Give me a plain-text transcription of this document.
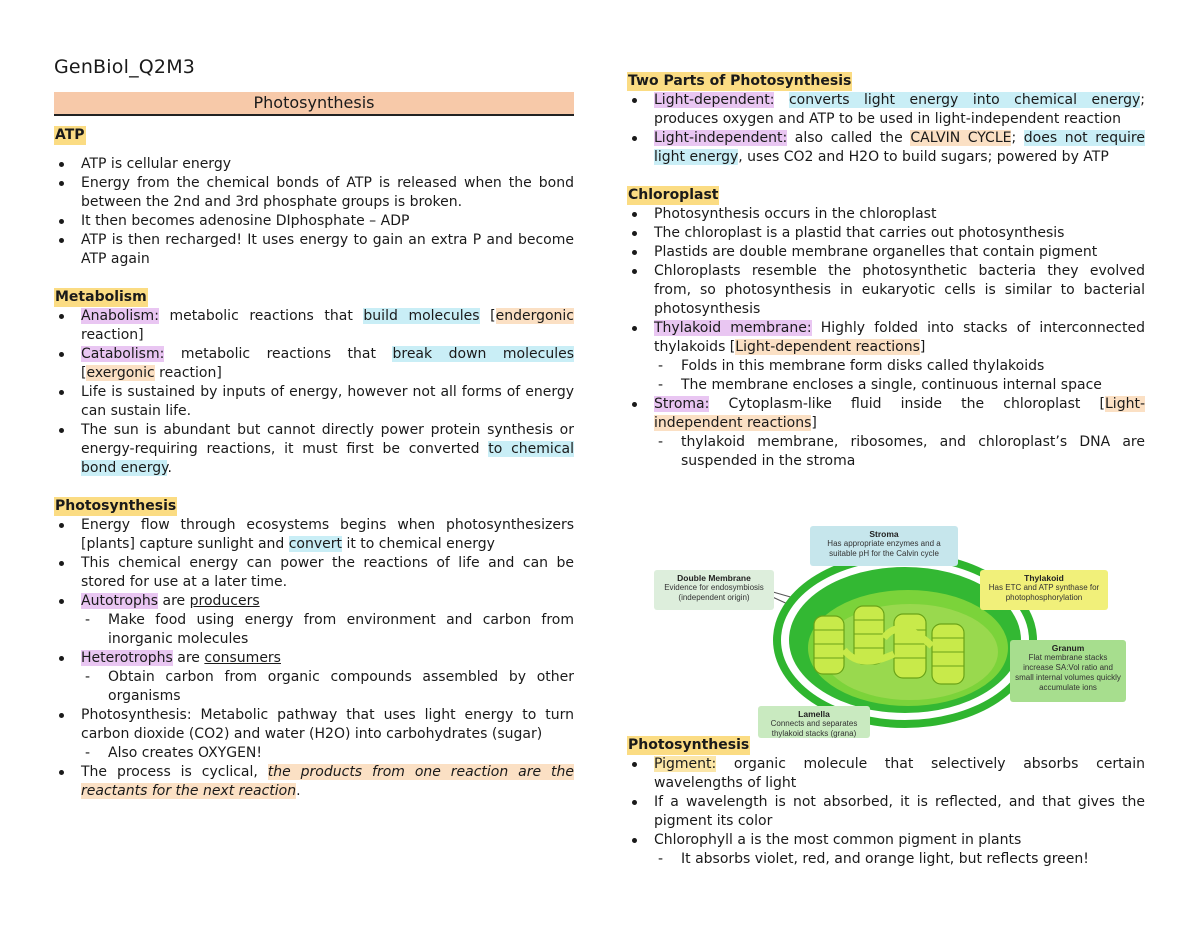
GenBiol_Q2M3
Photosynthesis
ATP
ATP is cellular energy
Energy from the chemical bonds of ATP is released when the bond between the 2nd and 3rd phosphate groups is broken.
It then becomes adenosine DIphosphate – ADP
ATP is then recharged! It uses energy to gain an extra P and become ATP again
Metabolism
Anabolism: metabolic reactions that build molecules [endergonic reaction]
Catabolism: metabolic reactions that break down molecules [exergonic reaction]
Life is sustained by inputs of energy, however not all forms of energy can sustain life.
The sun is abundant but cannot directly power protein synthesis or energy-requiring reactions, it must first be converted to chemical bond energy.
Photosynthesis
Energy flow through ecosystems begins when photosynthesizers [plants] capture sunlight and convert it to chemical energy
This chemical energy can power the reactions of life and can be stored for use at a later time.
Autotrophs are producers
- Make food using energy from environment and carbon from inorganic molecules
Heterotrophs are consumers
- Obtain carbon from organic compounds assembled by other organisms
Photosynthesis: Metabolic pathway that uses light energy to turn carbon dioxide (CO2) and water (H2O) into carbohydrates (sugar)
- Also creates OXYGEN!
The process is cyclical, the products from one reaction are the reactants for the next reaction.
Two Parts of Photosynthesis
Light-dependent: converts light energy into chemical energy; produces oxygen and ATP to be used in light-independent reaction
Light-independent: also called the CALVIN CYCLE; does not require light energy, uses CO2 and H2O to build sugars; powered by ATP
Chloroplast
Photosynthesis occurs in the chloroplast
The chloroplast is a plastid that carries out photosynthesis
Plastids are double membrane organelles that contain pigment
Chloroplasts resemble the photosynthetic bacteria they evolved from, so photosynthesis in eukaryotic cells is similar to bacterial photosynthesis
Thylakoid membrane: Highly folded into stacks of interconnected thylakoids [Light-dependent reactions]
- Folds in this membrane form disks called thylakoids
- The membrane encloses a single, continuous internal space
Stroma: Cytoplasm-like fluid inside the chloroplast [Light-independent reactions]
- thylakoid membrane, ribosomes, and chloroplast’s DNA are suspended in the stroma
Stroma
Has appropriate enzymes and a suitable pH for the Calvin cycle
Double Membrane
Evidence for endosymbiosis (independent origin)
Thylakoid
Has ETC and ATP synthase for photophosphorylation
Granum
Flat membrane stacks increase SA:Vol ratio and small internal volumes quickly accumulate ions
Lamella
Connects and separates thylakoid stacks (grana)
Photosynthesis
Pigment: organic molecule that selectively absorbs certain wavelengths of light
If a wavelength is not absorbed, it is reflected, and that gives the pigment its color
Chlorophyll a is the most common pigment in plants
- It absorbs violet, red, and orange light, but reflects green!
